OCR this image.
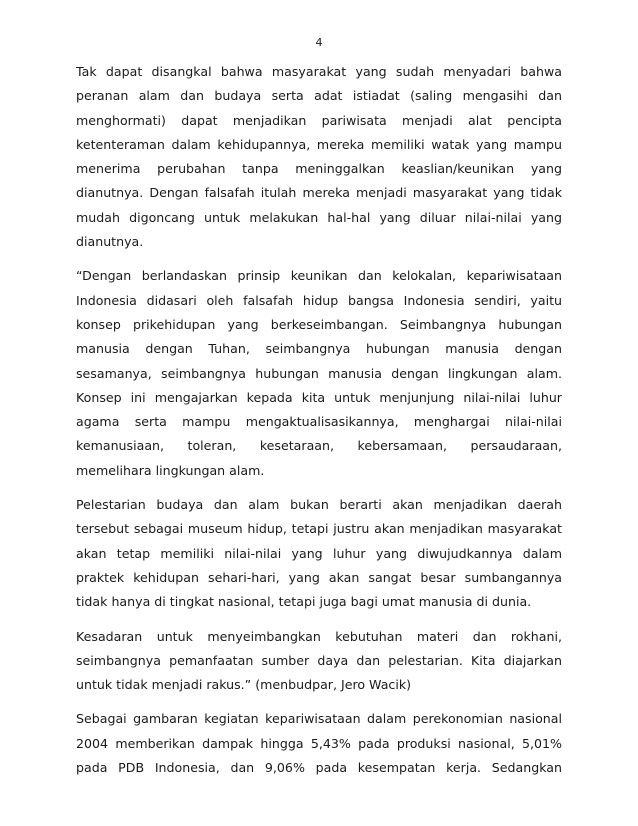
4

Tak dapat disangkal bahwa masyarakat yang sudah menyadari bahwa peranan alam dan budaya serta adat istiadat (saling mengasihi dan menghormati) dapat menjadikan pariwisata menjadi alat pencipta ketenteraman dalam kehidupannya, mereka memiliki watak yang mampu menerima perubahan tanpa meninggalkan keaslian/keunikan yang dianutnya. Dengan falsafah itulah mereka menjadi masyarakat yang tidak mudah digoncang untuk melakukan hal-hal yang diluar nilai-nilai yang dianutnya.

“Dengan berlandaskan prinsip keunikan dan kelokalan, kepariwisataan Indonesia didasari oleh falsafah hidup bangsa Indonesia sendiri, yaitu konsep prikehidupan yang berkeseimbangan. Seimbangnya hubungan manusia dengan Tuhan, seimbangnya hubungan manusia dengan sesamanya, seimbangnya hubungan manusia dengan lingkungan alam. Konsep ini mengajarkan kepada kita untuk menjunjung nilai-nilai luhur agama serta mampu mengaktualisasikannya, menghargai nilai-nilai kemanusiaan, toleran, kesetaraan, kebersamaan, persaudaraan, memelihara lingkungan alam.

Pelestarian budaya dan alam bukan berarti akan menjadikan daerah tersebut sebagai museum hidup, tetapi justru akan menjadikan masyarakat akan tetap memiliki nilai-nilai yang luhur yang diwujudkannya dalam praktek kehidupan sehari-hari, yang akan sangat besar sumbangannya tidak hanya di tingkat nasional, tetapi juga bagi umat manusia di dunia.

Kesadaran untuk menyeimbangkan kebutuhan materi dan rokhani, seimbangnya pemanfaatan sumber daya dan pelestarian. Kita diajarkan untuk tidak menjadi rakus.” (menbudpar, Jero Wacik)

Sebagai gambaran kegiatan kepariwisataan dalam perekonomian nasional 2004 memberikan dampak hingga 5,43% pada produksi nasional, 5,01% pada PDB Indonesia, dan 9,06% pada kesempatan kerja. Sedangkan
